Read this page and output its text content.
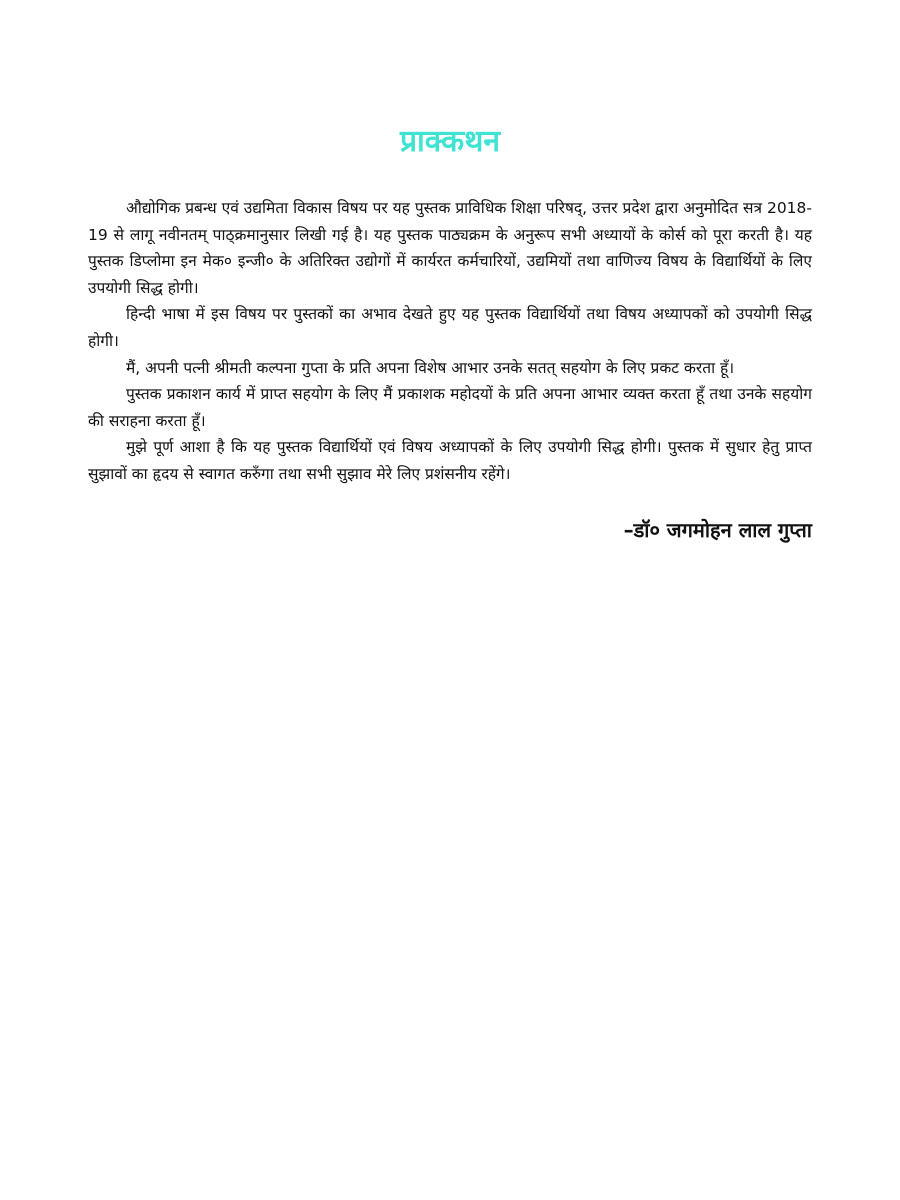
प्राक्कथन

औद्योगिक प्रबन्ध एवं उद्यमिता विकास विषय पर यह पुस्तक प्राविधिक शिक्षा परिषद्, उत्तर प्रदेश द्वारा अनुमोदित सत्र 2018-19 से लागू नवीनतम् पाठ्क्रमानुसार लिखी गई है। यह पुस्तक पाठ्यक्रम के अनुरूप सभी अध्यायों के कोर्स को पूरा करती है। यह पुस्तक डिप्लोमा इन मेक० इन्जी० के अतिरिक्त उद्योगों में कार्यरत कर्मचारियों, उद्यमियों तथा वाणिज्य विषय के विद्यार्थियों के लिए उपयोगी सिद्ध होगी।

हिन्दी भाषा में इस विषय पर पुस्तकों का अभाव देखते हुए यह पुस्तक विद्यार्थियों तथा विषय अध्यापकों को उपयोगी सिद्ध होगी।

मैं, अपनी पत्नी श्रीमती कल्पना गुप्ता के प्रति अपना विशेष आभार उनके सतत् सहयोग के लिए प्रकट करता हूँ।

पुस्तक प्रकाशन कार्य में प्राप्त सहयोग के लिए मैं प्रकाशक महोदयों के प्रति अपना आभार व्यक्त करता हूँ तथा उनके सहयोग की सराहना करता हूँ।

मुझे पूर्ण आशा है कि यह पुस्तक विद्यार्थियों एवं विषय अध्यापकों के लिए उपयोगी सिद्ध होगी। पुस्तक में सुधार हेतु प्राप्त सुझावों का हृदय से स्वागत करुँगा तथा सभी सुझाव मेरे लिए प्रशंसनीय रहेंगे।

–डॉ० जगमोहन लाल गुप्ता
